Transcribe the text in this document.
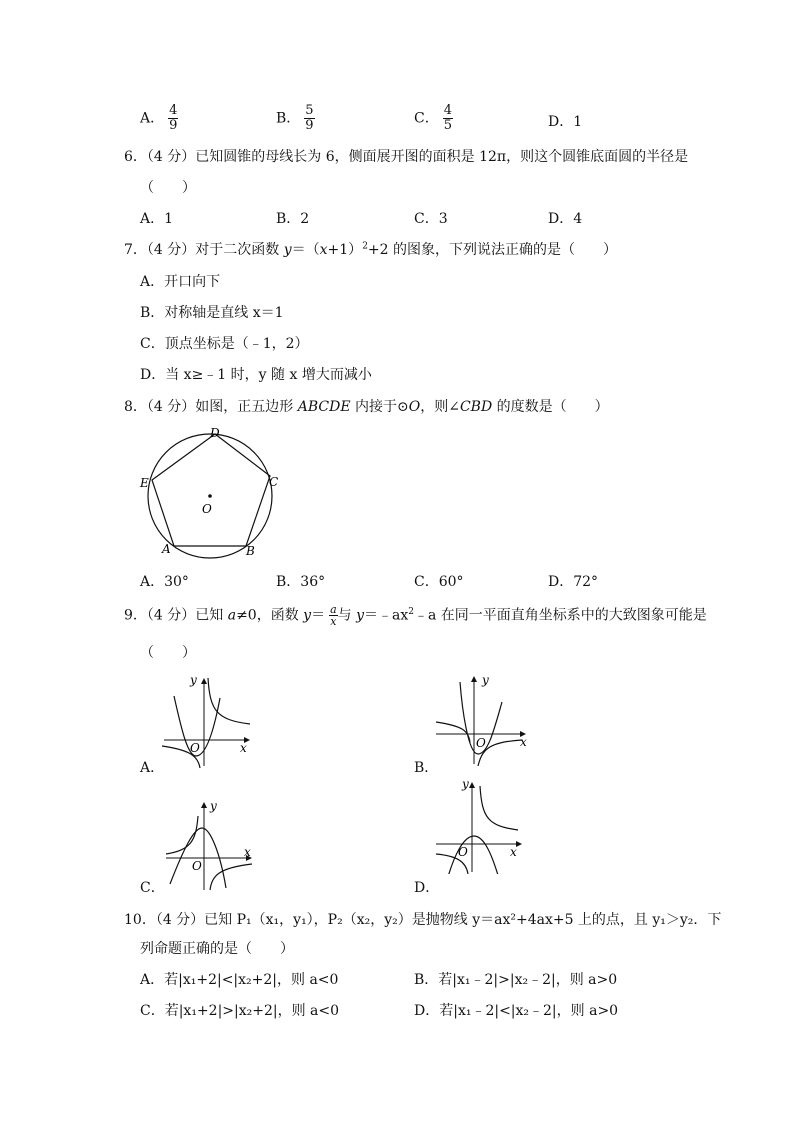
A． $\frac{4}{9}$	B． $\frac{5}{9}$	C． $\frac{4}{5}$	D．1
6．（4 分）已知圆锥的母线长为 6，侧面展开图的面积是 12π，则这个圆锥底面圆的半径是
（　　）
A．1	B．2	C．3	D．4
7．（4 分）对于二次函数 $y=(x+1)^2+2$ 的图象，下列说法正确的是（　　）
A．开口向下
B．对称轴是直线 x＝1
C．顶点坐标是（﹣1，2）
D．当 x≥﹣1 时，y 随 x 增大而减小
8．（4 分）如图，正五边形 ABCDE 内接于⊙O，则∠CBD 的度数是（　　）
D
C
E
O
A	B
A．30°	B．36°	C．60°	D．72°
9．（4 分）已知 a≠0，函数 $y= \frac{a}{x}$ 与 $y=﹣ax^2﹣a$ 在同一平面直角坐标系中的大致图象可能是
（　　）
y
x
O
A．
y
x
O
B．
y
x
O
C．
y
x
O
D．
10．（4 分）已知 P₁（x₁，y₁），P₂（x₂，y₂）是抛物线 y＝ax²+4ax+5 上的点，且 y₁＞y₂．下
列命题正确的是（　　）
A．若|x₁+2|<|x₂+2|，则 a<0	B．若|x₁﹣2|>|x₂﹣2|，则 a>0
C．若|x₁+2|>|x₂+2|，则 a<0	D．若|x₁﹣2|<|x₂﹣2|，则 a>0
